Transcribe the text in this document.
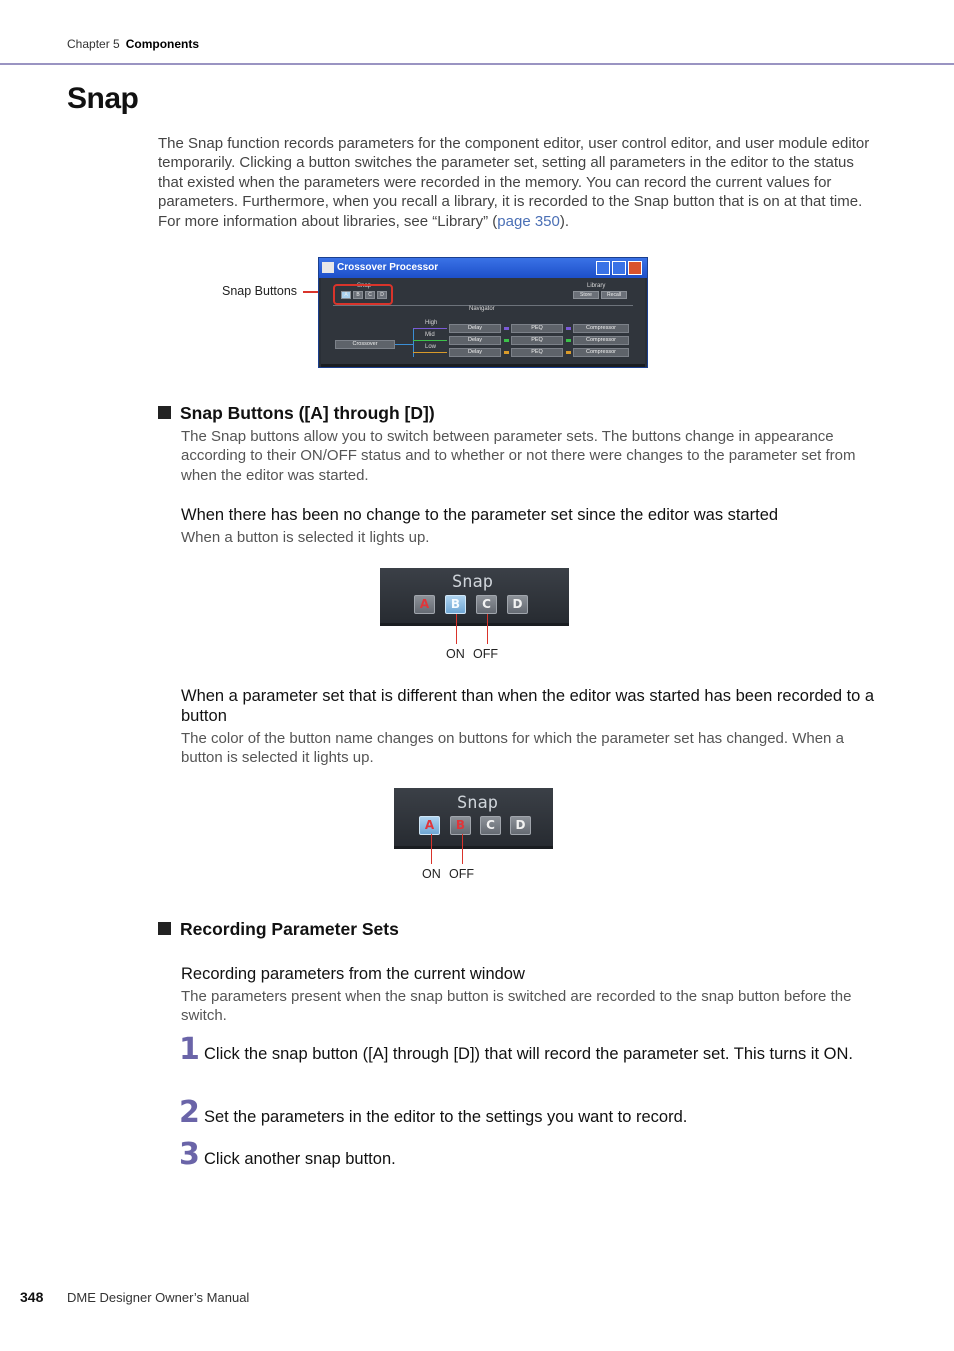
Chapter 5 Components
Snap
The Snap function records parameters for the component editor, user control editor, and user module editor temporarily. Clicking a button switches the parameter set, setting all parameters in the editor to the status that existed when the parameters were recorded in the memory. You can record the current values for parameters. Furthermore, when you recall a library, it is recorded to the Snap button that is on at that time. For more information about libraries, see “Library” (page 350).
Snap Buttons
Crossover Processor
Snap
A	B	C	D
Library
Store	Recall
Navigator
Crossover
High
Mid
Low
Delay	PEQ	Compressor
Delay	PEQ	Compressor
Delay	PEQ	Compressor
Snap Buttons ([A] through [D])
The Snap buttons allow you to switch between parameter sets. The buttons change in appearance according to their ON/OFF status and to whether or not there were changes to the parameter set from when the editor was started.
When there has been no change to the parameter set since the editor was started
When a button is selected it lights up.
Snap
A	B	C	D
ON OFF
When a parameter set that is different than when the editor was started has been recorded to a button
The color of the button name changes on buttons for which the parameter set has changed. When a button is selected it lights up.
Snap
A	B	C	D
ON OFF
Recording Parameter Sets
Recording parameters from the current window
The parameters present when the snap button is switched are recorded to the snap button before the switch.
1 Click the snap button ([A] through [D]) that will record the parameter set. This turns it ON.
2 Set the parameters in the editor to the settings you want to record.
3 Click another snap button.
348 DME Designer Owner’s Manual
